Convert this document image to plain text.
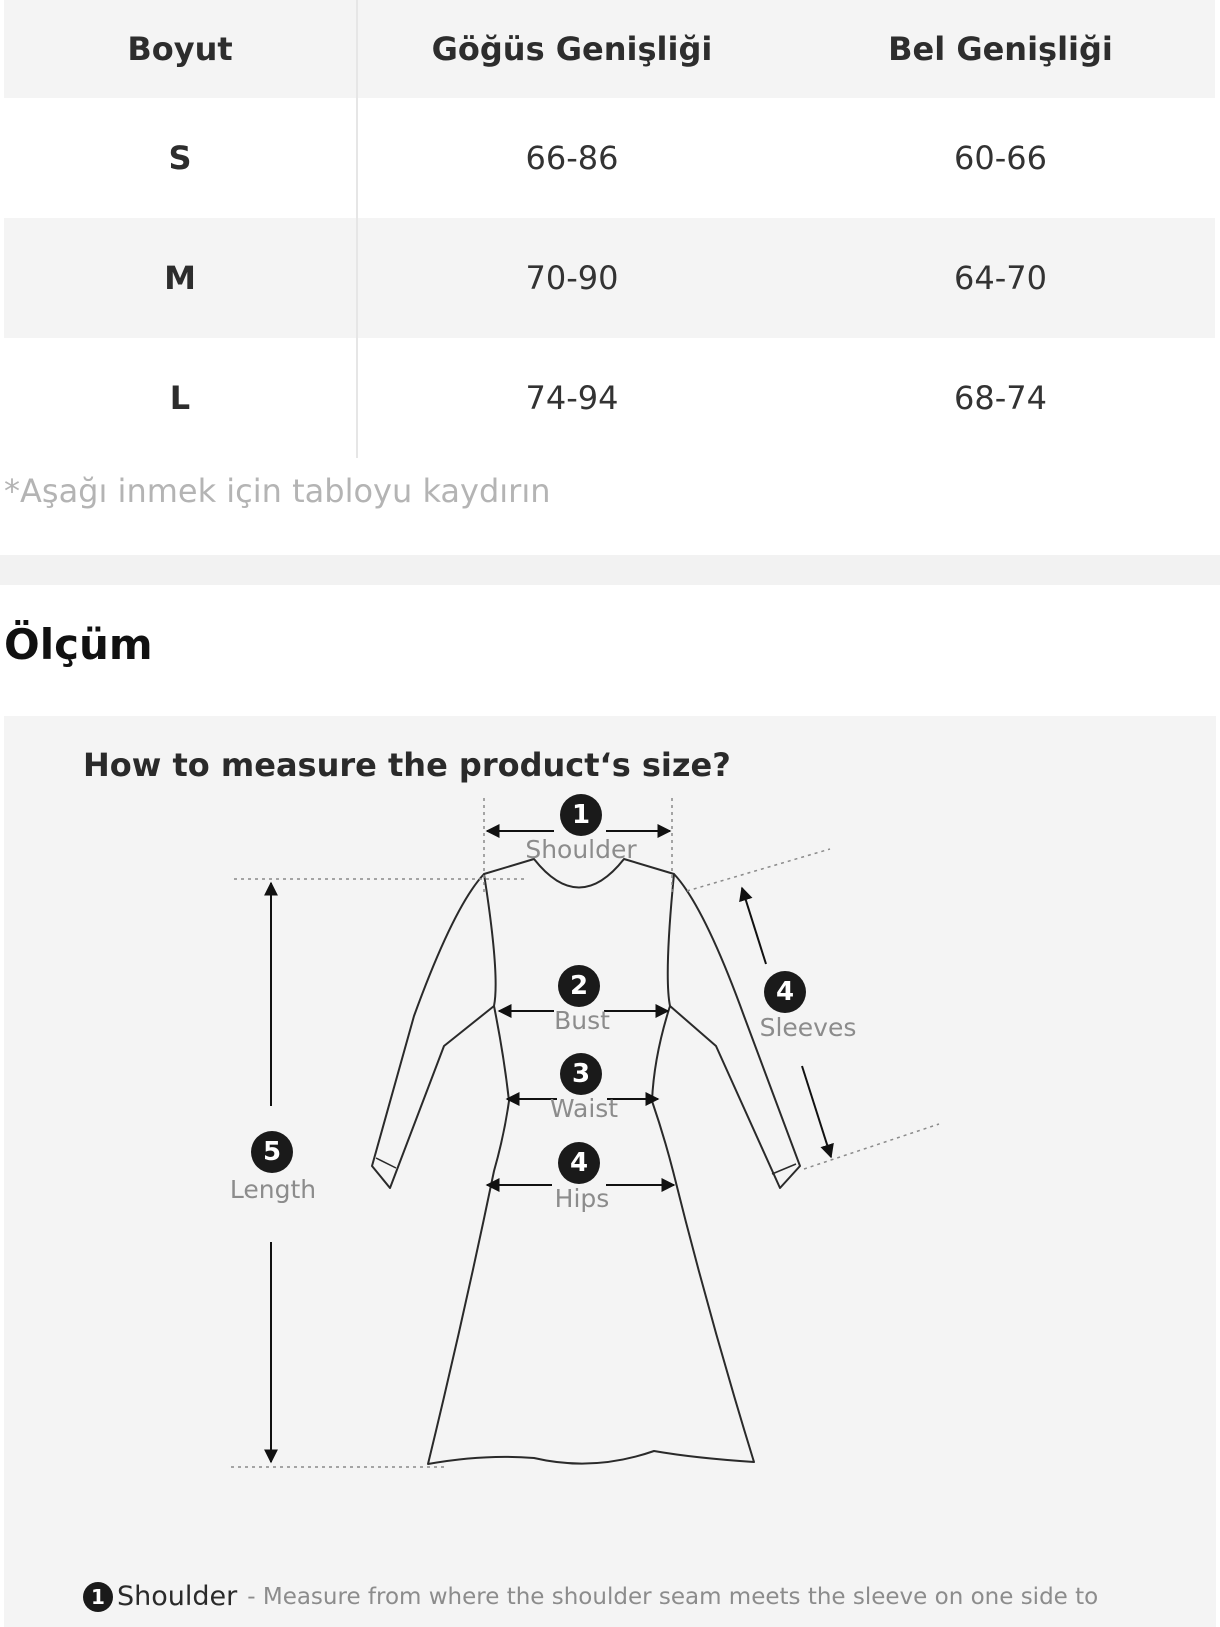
Boyut	Göğüs Genişliği	Bel Genişliği
S	66-86	60-66
M	70-90	64-70
L	74-94	68-74
*Aşağı inmek için tabloyu kaydırın
Ölçüm
How to measure the product‘s size?
1
2
3
4
4
5
Shoulder
Bust
Waist
Hips
Sleeves
Length
1 Shoulder - Measure from where the shoulder seam meets the sleeve on one side to
